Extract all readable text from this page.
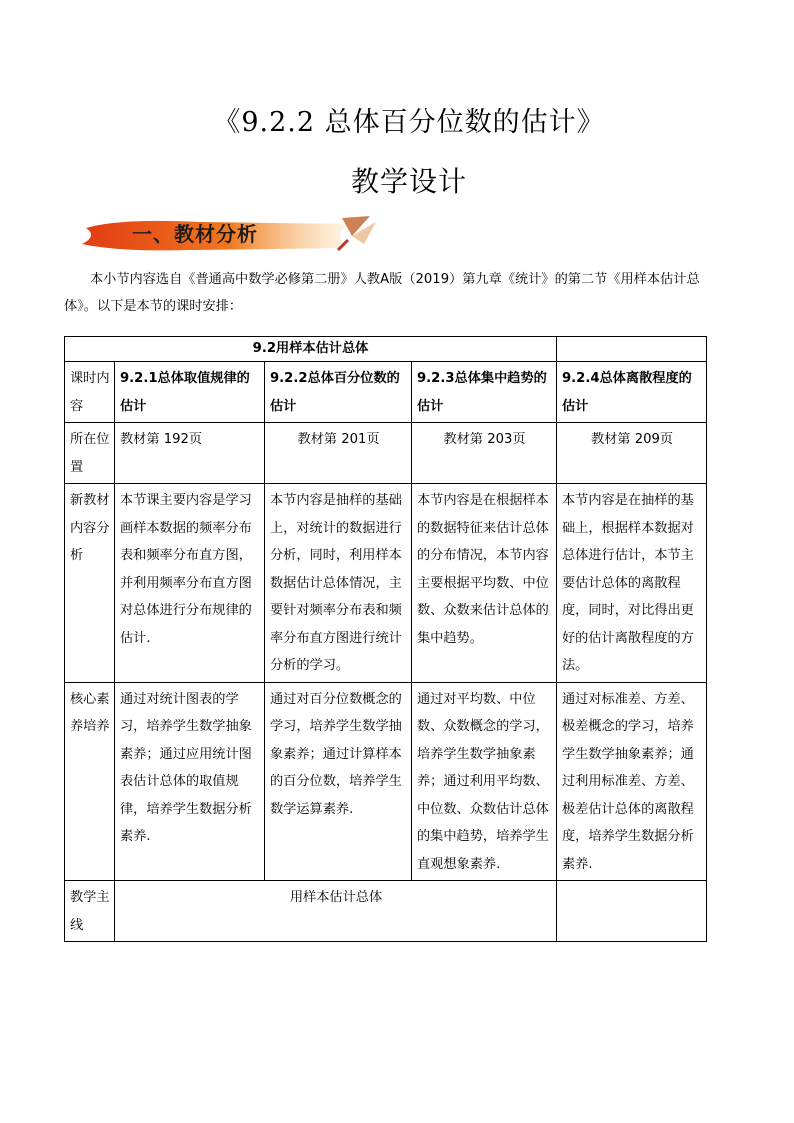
《9.2.2 总体百分位数的估计》
教学设计
一、教材分析
本小节内容选自《普通高中数学必修第二册》人教A版（2019）第九章《统计》的第二节《用样本估计总体》。以下是本节的课时安排：
9.2用样本估计总体				
课时内容	9.2.1总体取值规律的估计	9.2.2总体百分位数的估计	9.2.3总体集中趋势的估计	9.2.4总体离散程度的估计
所在位置	教材第 192页	教材第 201页	教材第 203页	教材第 209页
新教材内容分析	本节课主要内容是学习画样本数据的频率分布表和频率分布直方图，并利用频率分布直方图对总体进行分布规律的估计.	本节内容是抽样的基础上，对统计的数据进行分析，同时，利用样本数据估计总体情况，主要针对频率分布表和频率分布直方图进行统计分析的学习。	本节内容是在根据样本的数据特征来估计总体的分布情况，本节内容主要根据平均数、中位数、众数来估计总体的集中趋势。	本节内容是在抽样的基础上，根据样本数据对总体进行估计，本节主要估计总体的离散程度，同时，对比得出更好的估计离散程度的方法。
核心素养培养	通过对统计图表的学习，培养学生数学抽象素养；通过应用统计图表估计总体的取值规律，培养学生数据分析素养.	通过对百分位数概念的学习，培养学生数学抽象素养；通过计算样本的百分位数，培养学生数学运算素养.	通过对平均数、中位数、众数概念的学习，培养学生数学抽象素养；通过利用平均数、中位数、众数估计总体的集中趋势，培养学生直观想象素养.	通过对标准差、方差、极差概念的学习，培养学生数学抽象素养；通过利用标准差、方差、极差估计总体的离散程度，培养学生数据分析素养.
教学主线	用样本估计总体			
